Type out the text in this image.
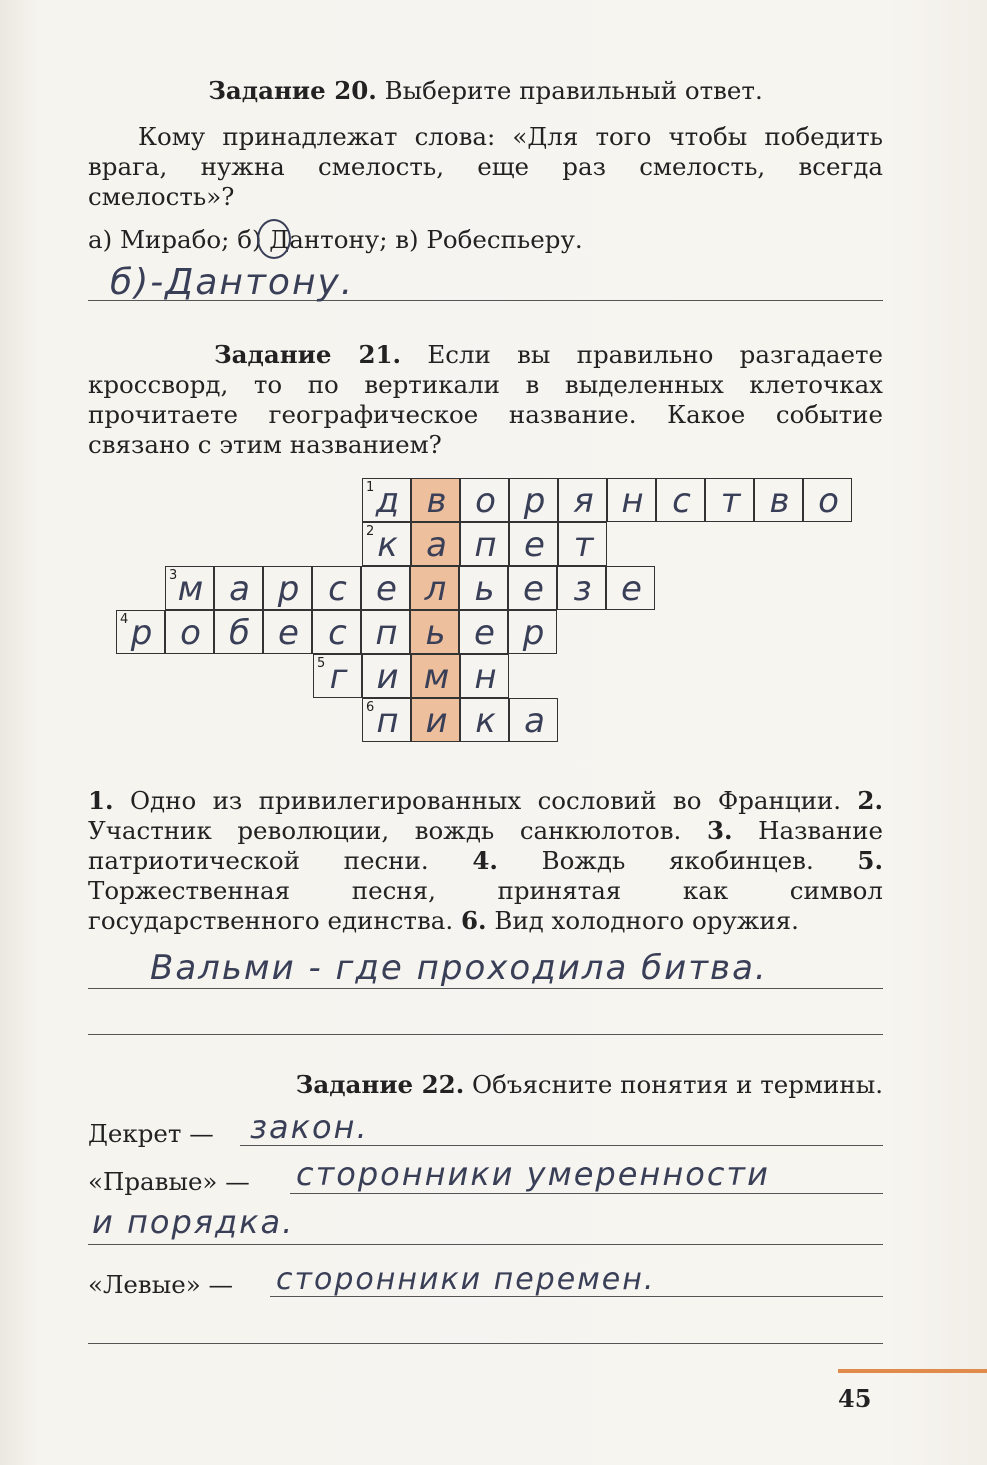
Задание 20. Выберите правильный ответ.
Кому принадлежат слова: «Для того чтобы победить врага, нужна смелость, еще раз смелость, всегда смелость»?
а) Мирабо; б) Дантону; в) Робеспьеру.
б)-Дантону.
Задание 21. Если вы правильно разгадаете кроссворд, то по вертикали в выделенных клеточках прочитаете географическое название. Какое событие связано с этим названием?
1 д в о р я н с т в о
2 к а п е т
3 м а р с е л ь е з е
4 р о б е с п ь е р
5 г и м н
6 п и к а
1. Одно из привилегированных сословий во Франции. 2. Участник революции, вождь санкюлотов. 3. Название патриотической песни. 4. Вождь якобинцев. 5. Торжественная песня, принятая как символ государственного единства. 6. Вид холодного оружия.
Вальми - где проходила битва.
Задание 22. Объясните понятия и термины.
Декрет —	закон.
«Правые» —	сторонники умеренности
и порядка.
«Левые» —	сторонники перемен.
45
